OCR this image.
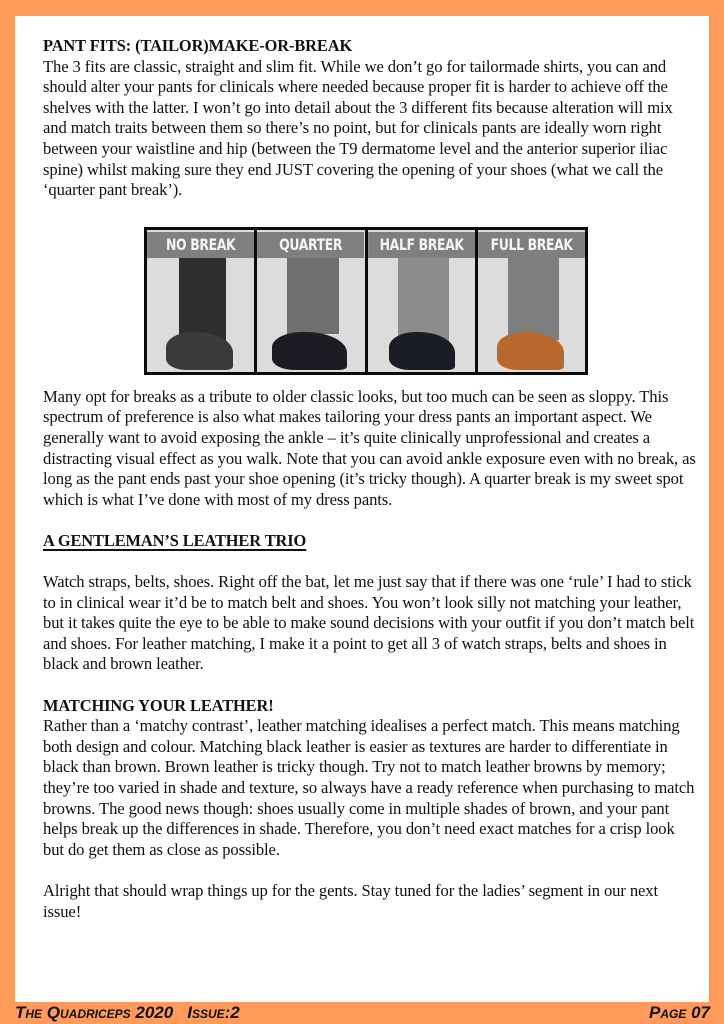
PANT FITS: (TAILOR)MAKE-OR-BREAK

The 3 fits are classic, straight and slim fit. While we don’t go for tailormade shirts, you can and should alter your pants for clinicals where needed because proper fit is harder to achieve off the shelves with the latter. I won’t go into detail about the 3 different fits because alteration will mix and match traits between them so there’s no point, but for clinicals pants are ideally worn right between your waistline and hip (between the T9 dermatome level and the anterior superior iliac spine) whilst making sure they end JUST covering the opening of your shoes (what we call the ‘quarter pant break’).

Many opt for breaks as a tribute to older classic looks, but too much can be seen as sloppy. This spectrum of preference is also what makes tailoring your dress pants an important aspect. We generally want to avoid exposing the ankle – it’s quite clinically unprofessional and creates a distracting visual effect as you walk. Note that you can avoid ankle exposure even with no break, as long as the pant ends past your shoe opening (it’s tricky though). A quarter break is my sweet spot which is what I’ve done with most of my dress pants.

A GENTLEMAN’S LEATHER TRIO

Watch straps, belts, shoes. Right off the bat, let me just say that if there was one ‘rule’ I had to stick to in clinical wear it’d be to match belt and shoes. You won’t look silly not matching your leather, but it takes quite the eye to be able to make sound decisions with your outfit if you don’t match belt and shoes. For leather matching, I make it a point to get all 3 of watch straps, belts and shoes in black and brown leather.

MATCHING YOUR LEATHER!

Rather than a ‘matchy contrast’, leather matching idealises a perfect match. This means matching both design and colour. Matching black leather is easier as textures are harder to differentiate in black than brown. Brown leather is tricky though. Try not to match leather browns by memory; they’re too varied in shade and texture, so always have a ready reference when purchasing to match browns. The good news though: shoes usually come in multiple shades of brown, and your pant helps break up the differences in shade. Therefore, you don’t need exact matches for a crisp look but do get them as close as possible.

Alright that should wrap things up for the gents. Stay tuned for the ladies’ segment in our next issue!

NO BREAK	QUARTER	HALF BREAK	FULL BREAK
The Quadriceps 2020 Issue:2	Page 07
